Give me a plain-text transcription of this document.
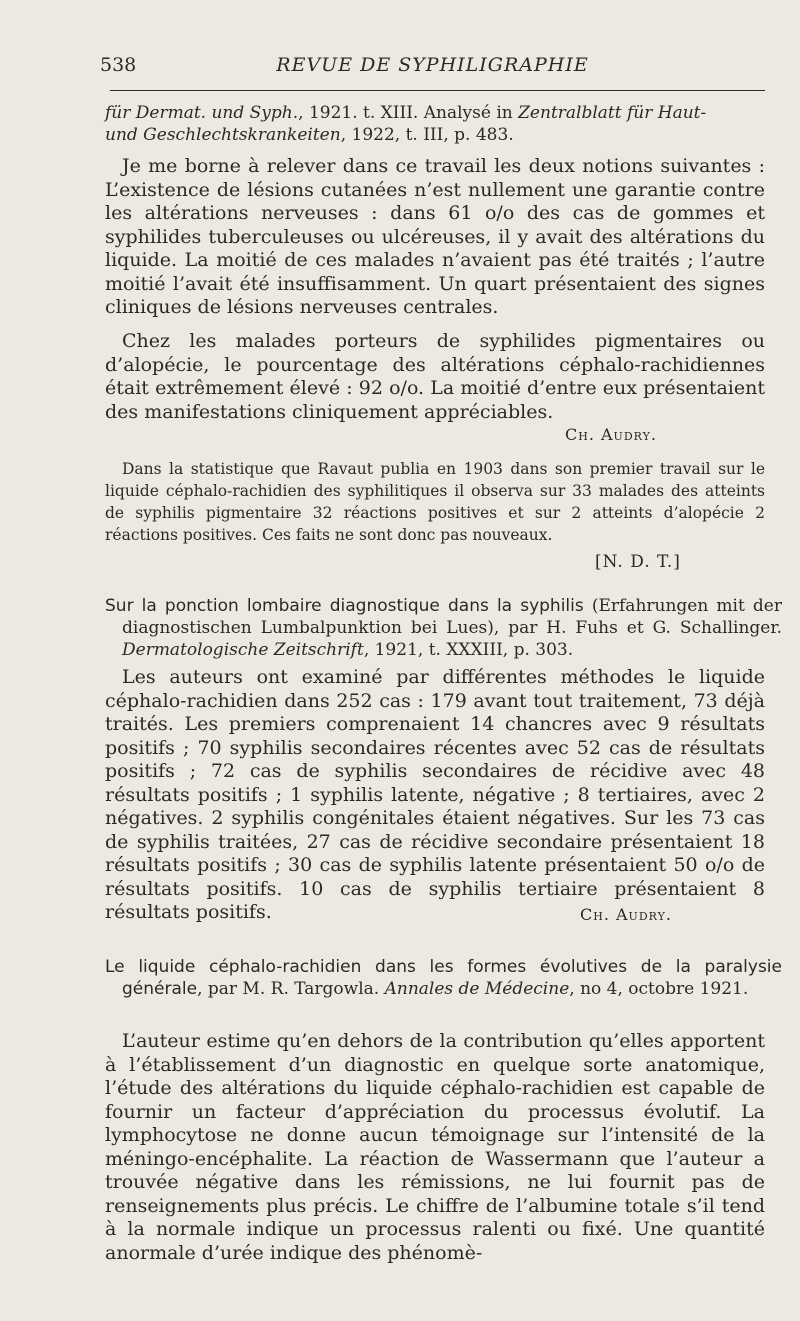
538	REVUE DE SYPHILIGRAPHIE

für Dermat. und Syph., 1921. t. XIII. Analysé in Zentralblatt für Haut-
und Geschlechtskrankeiten, 1922, t. III, p. 483.

Je me borne à relever dans ce travail les deux notions suivantes : L’existence de lésions cutanées n’est nullement une garantie contre les altérations nerveuses : dans 61 o/o des cas de gommes et syphilides tuberculeuses ou ulcéreuses, il y avait des altérations du liquide. La moitié de ces malades n’avaient pas été traités ; l’autre moitié l’avait été insuffisamment. Un quart présentaient des signes cliniques de lésions nerveuses centrales.

Chez les malades porteurs de syphilides pigmentaires ou d’alopécie, le pourcentage des altérations céphalo-rachidiennes était extrêmement élevé : 92 o/o. La moitié d’entre eux présentaient des manifestations cliniquement appréciables.

Ch. Audry.

Dans la statistique que Ravaut publia en 1903 dans son premier travail sur le liquide céphalo-rachidien des syphilitiques il observa sur 33 malades des atteints de syphilis pigmentaire 32 réactions positives et sur 2 atteints d’alopécie 2 réactions positives. Ces faits ne sont donc pas nouveaux.

[N. D. T.]

Sur la ponction lombaire diagnostique dans la syphilis (Erfahrungen mit der diagnostischen Lumbalpunktion bei Lues), par H. Fuhs et G. Schallinger. Dermatologische Zeitschrift, 1921, t. XXXIII, p. 303.

Les auteurs ont examiné par différentes méthodes le liquide céphalo-rachidien dans 252 cas : 179 avant tout traitement, 73 déjà traités. Les premiers comprenaient 14 chancres avec 9 résultats positifs ; 70 syphilis secondaires récentes avec 52 cas de résultats positifs ; 72 cas de syphilis secondaires de récidive avec 48 résultats positifs ; 1 syphilis latente, négative ; 8 tertiaires, avec 2 négatives. 2 syphilis congénitales étaient négatives. Sur les 73 cas de syphilis traitées, 27 cas de récidive secondaire présentaient 18 résultats positifs ; 30 cas de syphilis latente présentaient 50 o/o de résultats positifs. 10 cas de syphilis tertiaire présentaient 8 résultats positifs.	Ch. Audry.

Le liquide céphalo-rachidien dans les formes évolutives de la paralysie générale, par M. R. Targowla. Annales de Médecine, no 4, octobre 1921.

L’auteur estime qu’en dehors de la contribution qu’elles apportent à l’établissement d’un diagnostic en quelque sorte anatomique, l’étude des altérations du liquide céphalo-rachidien est capable de fournir un facteur d’appréciation du processus évolutif. La lymphocytose ne donne aucun témoignage sur l’intensité de la méningo-encéphalite. La réaction de Wassermann que l’auteur a trouvée négative dans les rémissions, ne lui fournit pas de renseignements plus précis. Le chiffre de l’albumine totale s’il tend à la normale indique un processus ralenti ou fixé. Une quantité anormale d’urée indique des phénomè-
